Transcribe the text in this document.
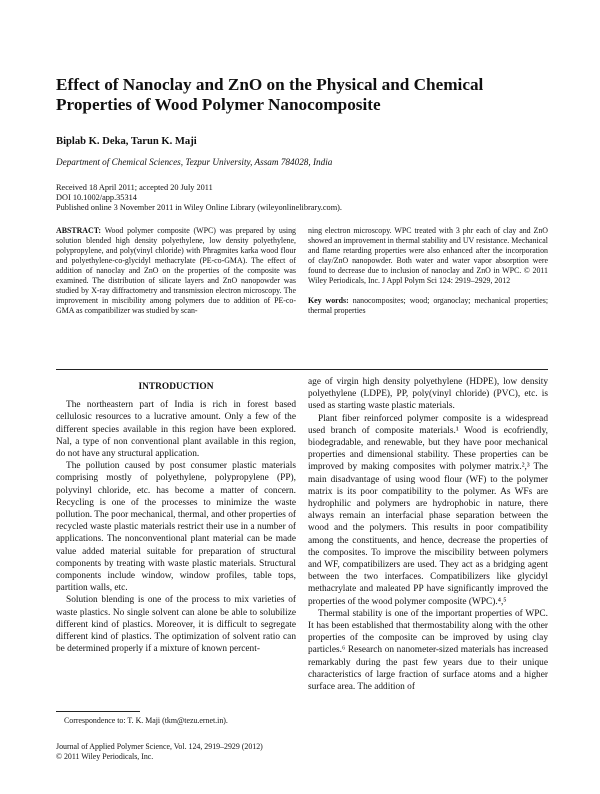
Effect of Nanoclay and ZnO on the Physical and Chemical Properties of Wood Polymer Nanocomposite
Biplab K. Deka, Tarun K. Maji
Department of Chemical Sciences, Tezpur University, Assam 784028, India
Received 18 April 2011; accepted 20 July 2011
DOI 10.1002/app.35314
Published online 3 November 2011 in Wiley Online Library (wileyonlinelibrary.com).
ABSTRACT: Wood polymer composite (WPC) was prepared by using solution blended high density polyethylene, low density polyethylene, polypropylene, and poly(vinyl chloride) with Phragmites karka wood flour and polyethylene-co-glycidyl methacrylate (PE-co-GMA). The effect of addition of nanoclay and ZnO on the properties of the composite was examined. The distribution of silicate layers and ZnO nanopowder was studied by X-ray diffractometry and transmission electron microscopy. The improvement in miscibility among polymers due to addition of PE-co-GMA as compatibilizer was studied by scan-
ning electron microscopy. WPC treated with 3 phr each of clay and ZnO showed an improvement in thermal stability and UV resistance. Mechanical and flame retarding properties were also enhanced after the incorporation of clay/ZnO nanopowder. Both water and water vapor absorption were found to decrease due to inclusion of nanoclay and ZnO in WPC. © 2011 Wiley Periodicals, Inc. J Appl Polym Sci 124: 2919–2929, 2012
Key words: nanocomposites; wood; organoclay; mechanical properties; thermal properties
INTRODUCTION

The northeastern part of India is rich in forest based cellulosic resources to a lucrative amount. Only a few of the different species available in this region have been explored. Nal, a type of non conventional plant available in this region, do not have any structural application.

The pollution caused by post consumer plastic materials comprising mostly of polyethylene, polypropylene (PP), polyvinyl chloride, etc. has become a matter of concern. Recycling is one of the processes to minimize the waste pollution. The poor mechanical, thermal, and other properties of recycled waste plastic materials restrict their use in a number of applications. The nonconventional plant material can be made value added material suitable for preparation of structural components by treating with waste plastic materials. Structural components include window, window profiles, table tops, partition walls, etc.

Solution blending is one of the process to mix varieties of waste plastics. No single solvent can alone be able to solubilize different kind of plastics. Moreover, it is difficult to segregate different kind of plastics. The optimization of solvent ratio can be determined properly if a mixture of known percent-

age of virgin high density polyethylene (HDPE), low density polyethylene (LDPE), PP, poly(vinyl chloride) (PVC), etc. is used as starting waste plastic materials.

Plant fiber reinforced polymer composite is a widespread used branch of composite materials.¹ Wood is ecofriendly, biodegradable, and renewable, but they have poor mechanical properties and dimensional stability. These properties can be improved by making composites with polymer matrix.²,³ The main disadvantage of using wood flour (WF) to the polymer matrix is its poor compatibility to the polymer. As WFs are hydrophilic and polymers are hydrophobic in nature, there always remain an interfacial phase separation between the wood and the polymers. This results in poor compatibility among the constituents, and hence, decrease the properties of the composites. To improve the miscibility between polymers and WF, compatibilizers are used. They act as a bridging agent between the two interfaces. Compatibilizers like glycidyl methacrylate and maleated PP have significantly improved the properties of the wood polymer composite (WPC).⁴,⁵

Thermal stability is one of the important properties of WPC. It has been established that thermostability along with the other properties of the composite can be improved by using clay particles.⁶ Research on nanometer-sized materials has increased remarkably during the past few years due to their unique characteristics of large fraction of surface atoms and a higher surface area. The addition of

Correspondence to: T. K. Maji (tkm@tezu.ernet.in).
Journal of Applied Polymer Science, Vol. 124, 2919–2929 (2012)
© 2011 Wiley Periodicals, Inc.
